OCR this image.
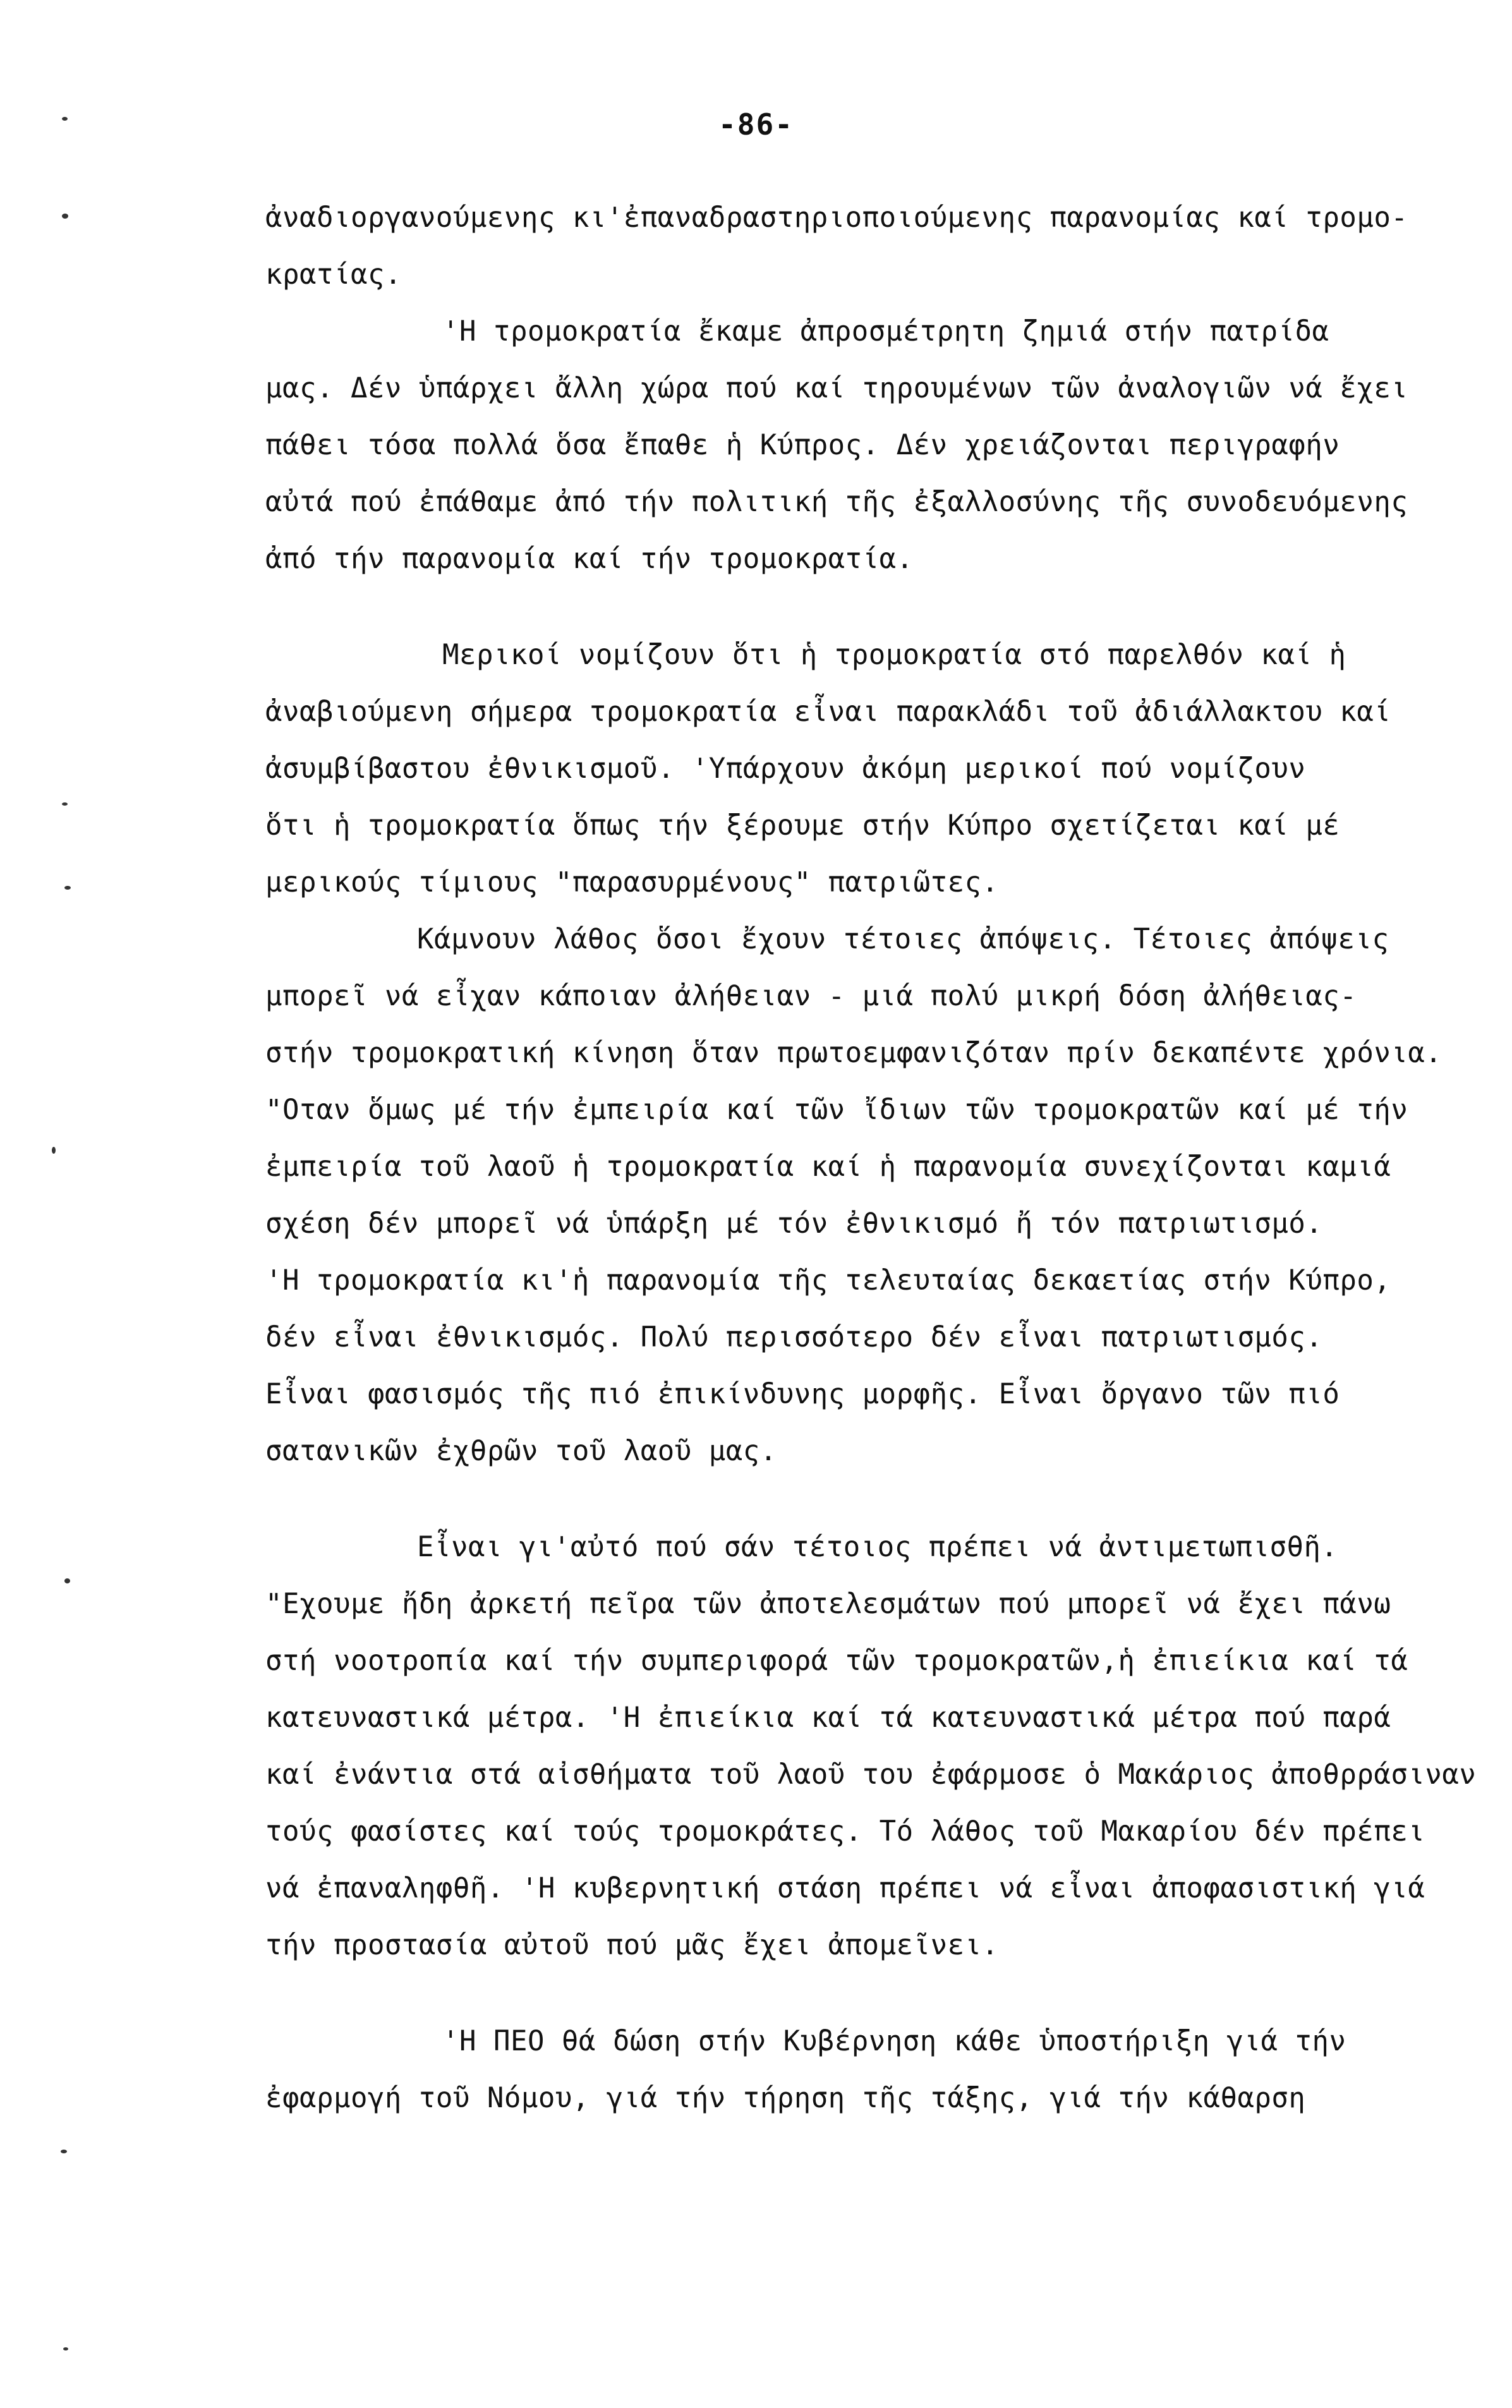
-86-
ἀναδιοργανούμενης κι'ἐπαναδραστηριοποιούμενης παρανομίας καί τρομο-
κρατίας.
'Η τρομοκρατία ἔκαμε ἀπροσμέτρητη ζημιά στήν πατρίδα
μας. Δέν ὑπάρχει ἄλλη χώρα πού καί τηρουμένων τῶν ἀναλογιῶν νά ἔχει
πάθει τόσα πολλά ὅσα ἔπαθε ἡ Κύπρος. Δέν χρειάζονται περιγραφήν
αὐτά πού ἐπάθαμε ἀπό τήν πολιτική τῆς ἐξαλλοσύνης τῆς συνοδευόμενης
ἀπό τήν παρανομία καί τήν τρομοκρατία.
Μερικοί νομίζουν ὅτι ἡ τρομοκρατία στό παρελθόν καί ἡ
ἀναβιούμενη σήμερα τρομοκρατία εἶναι παρακλάδι τοῦ ἀδιάλλακτου καί
ἀσυμβίβαστου ἐθνικισμοῦ. 'Υπάρχουν ἀκόμη μερικοί πού νομίζουν
ὅτι ἡ τρομοκρατία ὅπως τήν ξέρουμε στήν Κύπρο σχετίζεται καί μέ
μερικούς τίμιους "παρασυρμένους" πατριῶτες.
Κάμνουν λάθος ὅσοι ἔχουν τέτοιες ἀπόψεις. Τέτοιες ἀπόψεις
μπορεῖ νά εἶχαν κάποιαν ἀλήθειαν - μιά πολύ μικρή δόση ἀλήθειας-
στήν τρομοκρατική κίνηση ὅταν πρωτοεμφανιζόταν πρίν δεκαπέντε χρόνια.
"Οταν ὅμως μέ τήν ἐμπειρία καί τῶν ἴδιων τῶν τρομοκρατῶν καί μέ τήν
ἐμπειρία τοῦ λαοῦ ἡ τρομοκρατία καί ἡ παρανομία συνεχίζονται καμιά
σχέση δέν μπορεῖ νά ὑπάρξη μέ τόν ἐθνικισμό ἤ τόν πατριωτισμό.
'Η τρομοκρατία κι'ἡ παρανομία τῆς τελευταίας δεκαετίας στήν Κύπρο,
δέν εἶναι ἐθνικισμός. Πολύ περισσότερο δέν εἶναι πατριωτισμός.
Εἶναι φασισμός τῆς πιό ἐπικίνδυνης μορφῆς. Εἶναι ὄργανο τῶν πιό
σατανικῶν ἐχθρῶν τοῦ λαοῦ μας.
Εἶναι γι'αὐτό πού σάν τέτοιος πρέπει νά ἀντιμετωπισθῆ.
"Εχουμε ἤδη ἀρκετή πεῖρα τῶν ἀποτελεσμάτων πού μπορεῖ νά ἔχει πάνω
στή νοοτροπία καί τήν συμπεριφορά τῶν τρομοκρατῶν,ἡ ἐπιείκια καί τά
κατευναστικά μέτρα. 'Η ἐπιείκια καί τά κατευναστικά μέτρα πού παρά
καί ἐνάντια στά αἰσθήματα τοῦ λαοῦ του ἐφάρμοσε ὁ Μακάριος ἀποθρράσιναν
τούς φασίστες καί τούς τρομοκράτες. Τό λάθος τοῦ Μακαρίου δέν πρέπει
νά ἐπαναληφθῆ. 'Η κυβερνητική στάση πρέπει νά εἶναι ἀποφασιστική γιά
τήν προστασία αὐτοῦ πού μᾶς ἔχει ἀπομεῖνει.
'Η ΠΕΟ θά δώση στήν Κυβέρνηση κάθε ὑποστήριξη γιά τήν
ἐφαρμογή τοῦ Νόμου, γιά τήν τήρηση τῆς τάξης, γιά τήν κάθαρση
